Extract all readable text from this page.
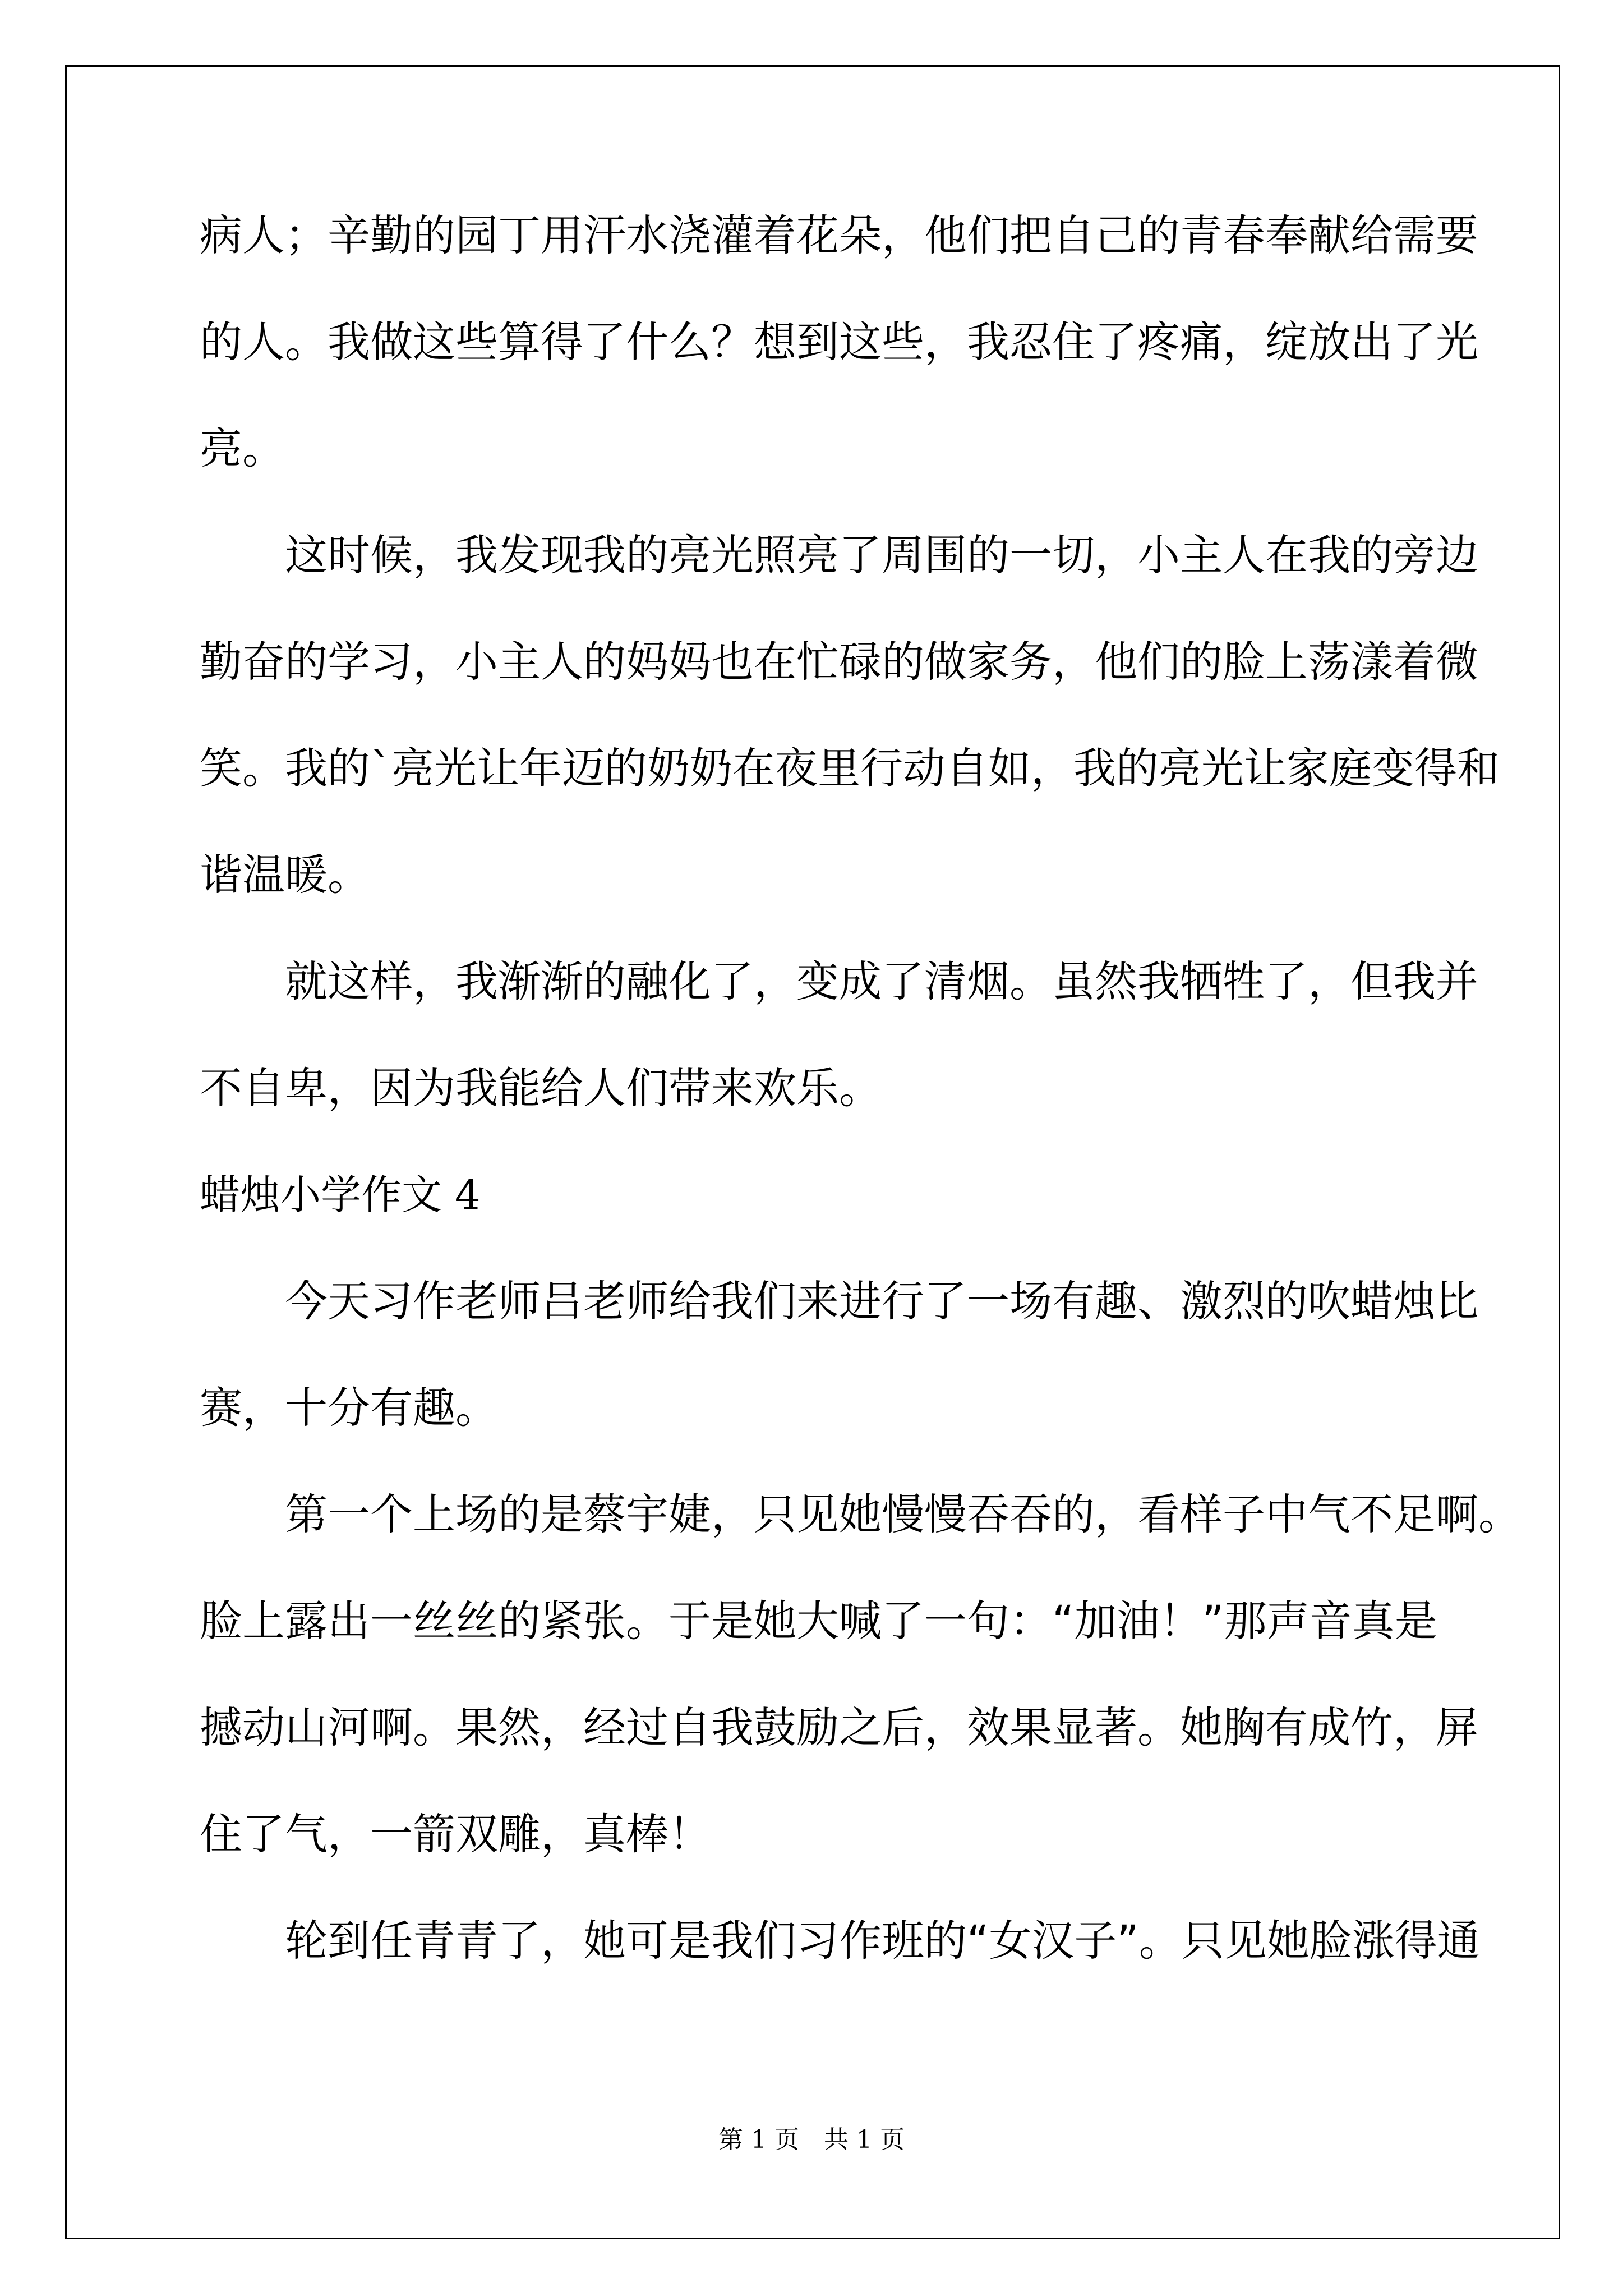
病人；辛勤的园丁用汗水浇灌着花朵，他们把自己的青春奉献给需要
的人。我做这些算得了什么？想到这些，我忍住了疼痛，绽放出了光
亮。
　　这时候，我发现我的亮光照亮了周围的一切，小主人在我的旁边
勤奋的学习，小主人的妈妈也在忙碌的做家务，他们的脸上荡漾着微
笑。我的`亮光让年迈的奶奶在夜里行动自如，我的亮光让家庭变得和
谐温暖。
　　就这样，我渐渐的融化了，变成了清烟。虽然我牺牲了，但我并
不自卑，因为我能给人们带来欢乐。
蜡烛小学作文 4
　　今天习作老师吕老师给我们来进行了一场有趣、激烈的吹蜡烛比
赛，十分有趣。
　　第一个上场的是蔡宇婕，只见她慢慢吞吞的，看样子中气不足啊。
脸上露出一丝丝的紧张。于是她大喊了一句：“加油！”那声音真是
撼动山河啊。果然，经过自我鼓励之后，效果显著。她胸有成竹，屏
住了气，一箭双雕，真棒！
　　轮到任青青了，她可是我们习作班的“女汉子”。只见她脸涨得通
第 1 页　共 1 页
